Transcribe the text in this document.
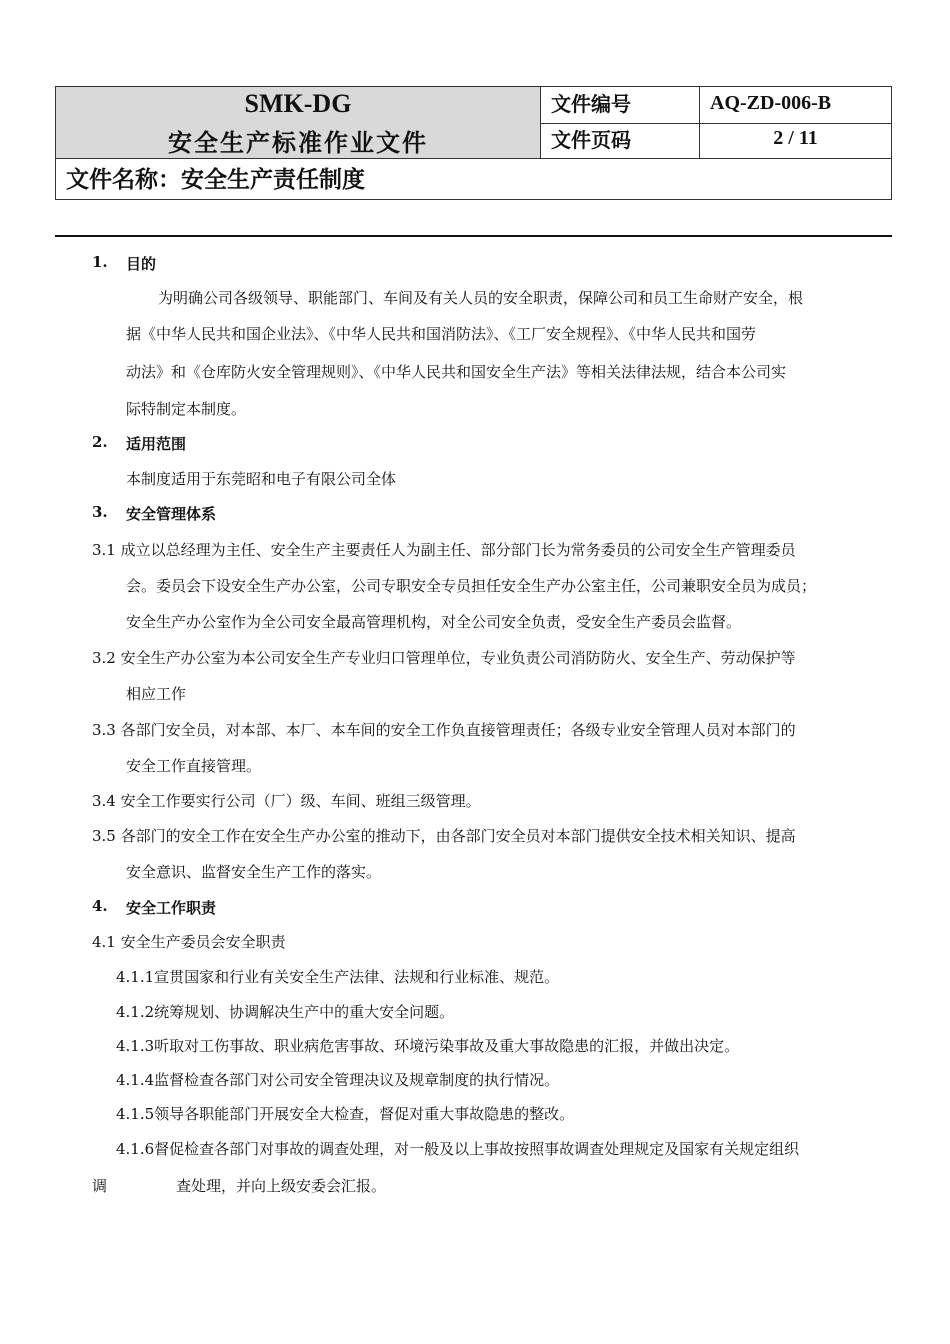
SMK-DG
安全生产标准作业文件
文件编号	AQ-ZD-006-B
文件页码	2 / 11
文件名称：安全生产责任制度
1. 目的
为明确公司各级领导、职能部门、车间及有关人员的安全职责，保障公司和员工生命财产安全，根
据《中华人民共和国企业法》、《中华人民共和国消防法》、《工厂安全规程》、《中华人民共和国劳
动法》和《仓库防火安全管理规则》、《中华人民共和国安全生产法》等相关法律法规，结合本公司实
际特制定本制度。
2. 适用范围
本制度适用于东莞昭和电子有限公司全体
3. 安全管理体系
3.1 成立以总经理为主任、安全生产主要责任人为副主任、部分部门长为常务委员的公司安全生产管理委员
会。委员会下设安全生产办公室，公司专职安全专员担任安全生产办公室主任，公司兼职安全员为成员；
安全生产办公室作为全公司安全最高管理机构，对全公司安全负责，受安全生产委员会监督。
3.2 安全生产办公室为本公司安全生产专业归口管理单位，专业负责公司消防防火、安全生产、劳动保护等
相应工作
3.3 各部门安全员，对本部、本厂、本车间的安全工作负直接管理责任；各级专业安全管理人员对本部门的
安全工作直接管理。
3.4 安全工作要实行公司（厂）级、车间、班组三级管理。
3.5 各部门的安全工作在安全生产办公室的推动下，由各部门安全员对本部门提供安全技术相关知识、提高
安全意识、监督安全生产工作的落实。
4. 安全工作职责
4.1 安全生产委员会安全职责
4.1.1宣贯国家和行业有关安全生产法律、法规和行业标准、规范。
4.1.2统筹规划、协调解决生产中的重大安全问题。
4.1.3听取对工伤事故、职业病危害事故、环境污染事故及重大事故隐患的汇报，并做出决定。
4.1.4监督检查各部门对公司安全管理决议及规章制度的执行情况。
4.1.5领导各职能部门开展安全大检查，督促对重大事故隐患的整改。
4.1.6督促检查各部门对事故的调查处理，对一般及以上事故按照事故调查处理规定及国家有关规定组织
调	查处理，并向上级安委会汇报。
